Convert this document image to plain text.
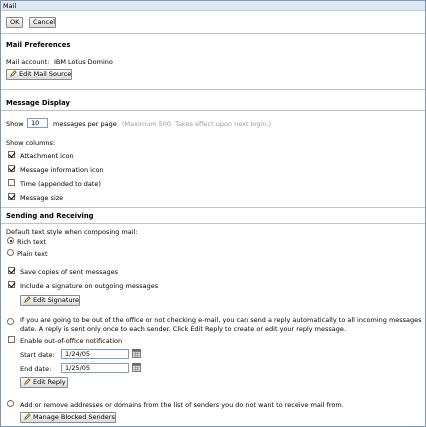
Mail
OK	Cancel
Mail Preferences
Mail account: IBM Lotus Domino
Edit Mail Source
Message Display
Show	10	messages per page (Maximum 500. Takes effect upon next login.)
Show columns:
Attachment icon
Message information icon
Time (appended to date)
Message size
Sending and Receiving
Default text style when composing mail:
Rich text
Plain text
Save copies of sent messages
Include a signature on outgoing messages
Edit Signature
If you are going to be out of the office or not checking e-mail, you can send a reply automatically to all incoming messages
date. A reply is sent only once to each sender. Click Edit Reply to create or edit your reply message.
Enable out-of-office notification
Start date:	1/24/05
End date:	1/25/05
Edit Reply
Add or remove addresses or domains from the list of senders you do not want to receive mail from.
Manage Blocked Senders
